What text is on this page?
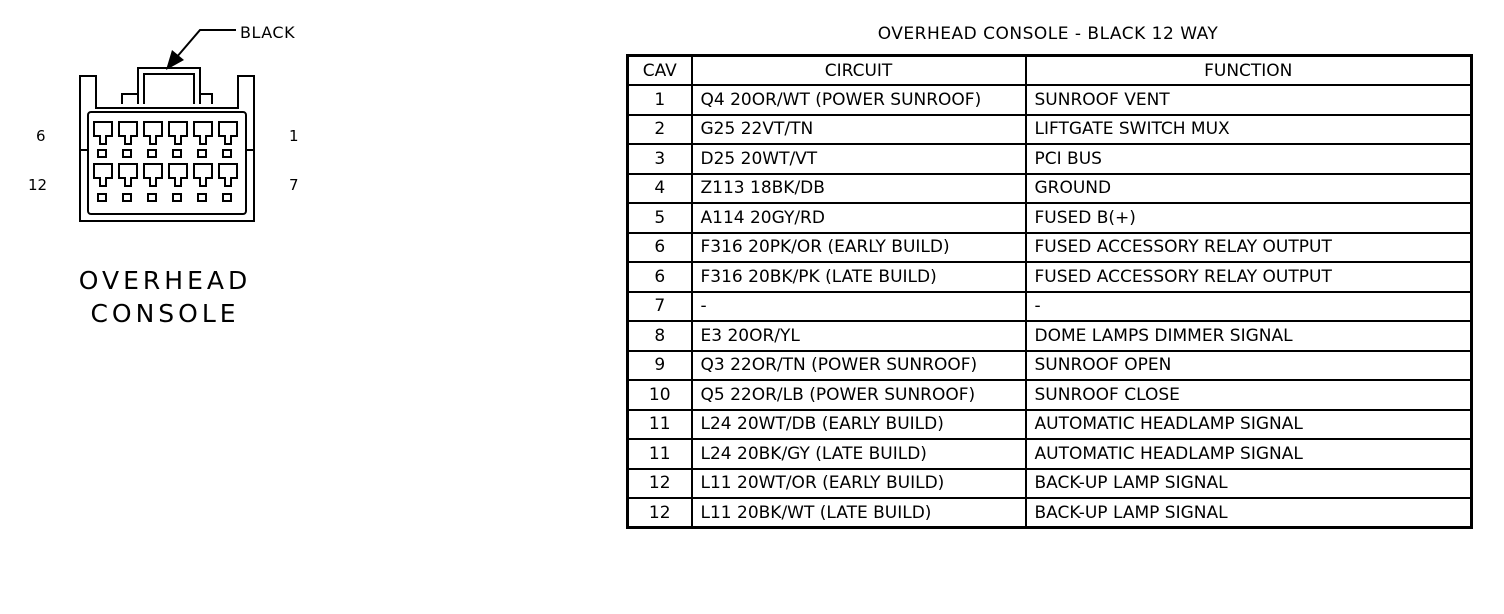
BLACK
6	1
12	7
OVERHEAD
CONSOLE
OVERHEAD CONSOLE - BLACK 12 WAY
CAV	CIRCUIT	FUNCTION
1	Q4 20OR/WT (POWER SUNROOF)	SUNROOF VENT
2	G25 22VT/TN	LIFTGATE SWITCH MUX
3	D25 20WT/VT	PCI BUS
4	Z113 18BK/DB	GROUND
5	A114 20GY/RD	FUSED B(+)
6	F316 20PK/OR (EARLY BUILD)	FUSED ACCESSORY RELAY OUTPUT
6	F316 20BK/PK (LATE BUILD)	FUSED ACCESSORY RELAY OUTPUT
7	-	-
8	E3 20OR/YL	DOME LAMPS DIMMER SIGNAL
9	Q3 22OR/TN (POWER SUNROOF)	SUNROOF OPEN
10	Q5 22OR/LB (POWER SUNROOF)	SUNROOF CLOSE
11	L24 20WT/DB (EARLY BUILD)	AUTOMATIC HEADLAMP SIGNAL
11	L24 20BK/GY (LATE BUILD)	AUTOMATIC HEADLAMP SIGNAL
12	L11 20WT/OR (EARLY BUILD)	BACK-UP LAMP SIGNAL
12	L11 20BK/WT (LATE BUILD)	BACK-UP LAMP SIGNAL
